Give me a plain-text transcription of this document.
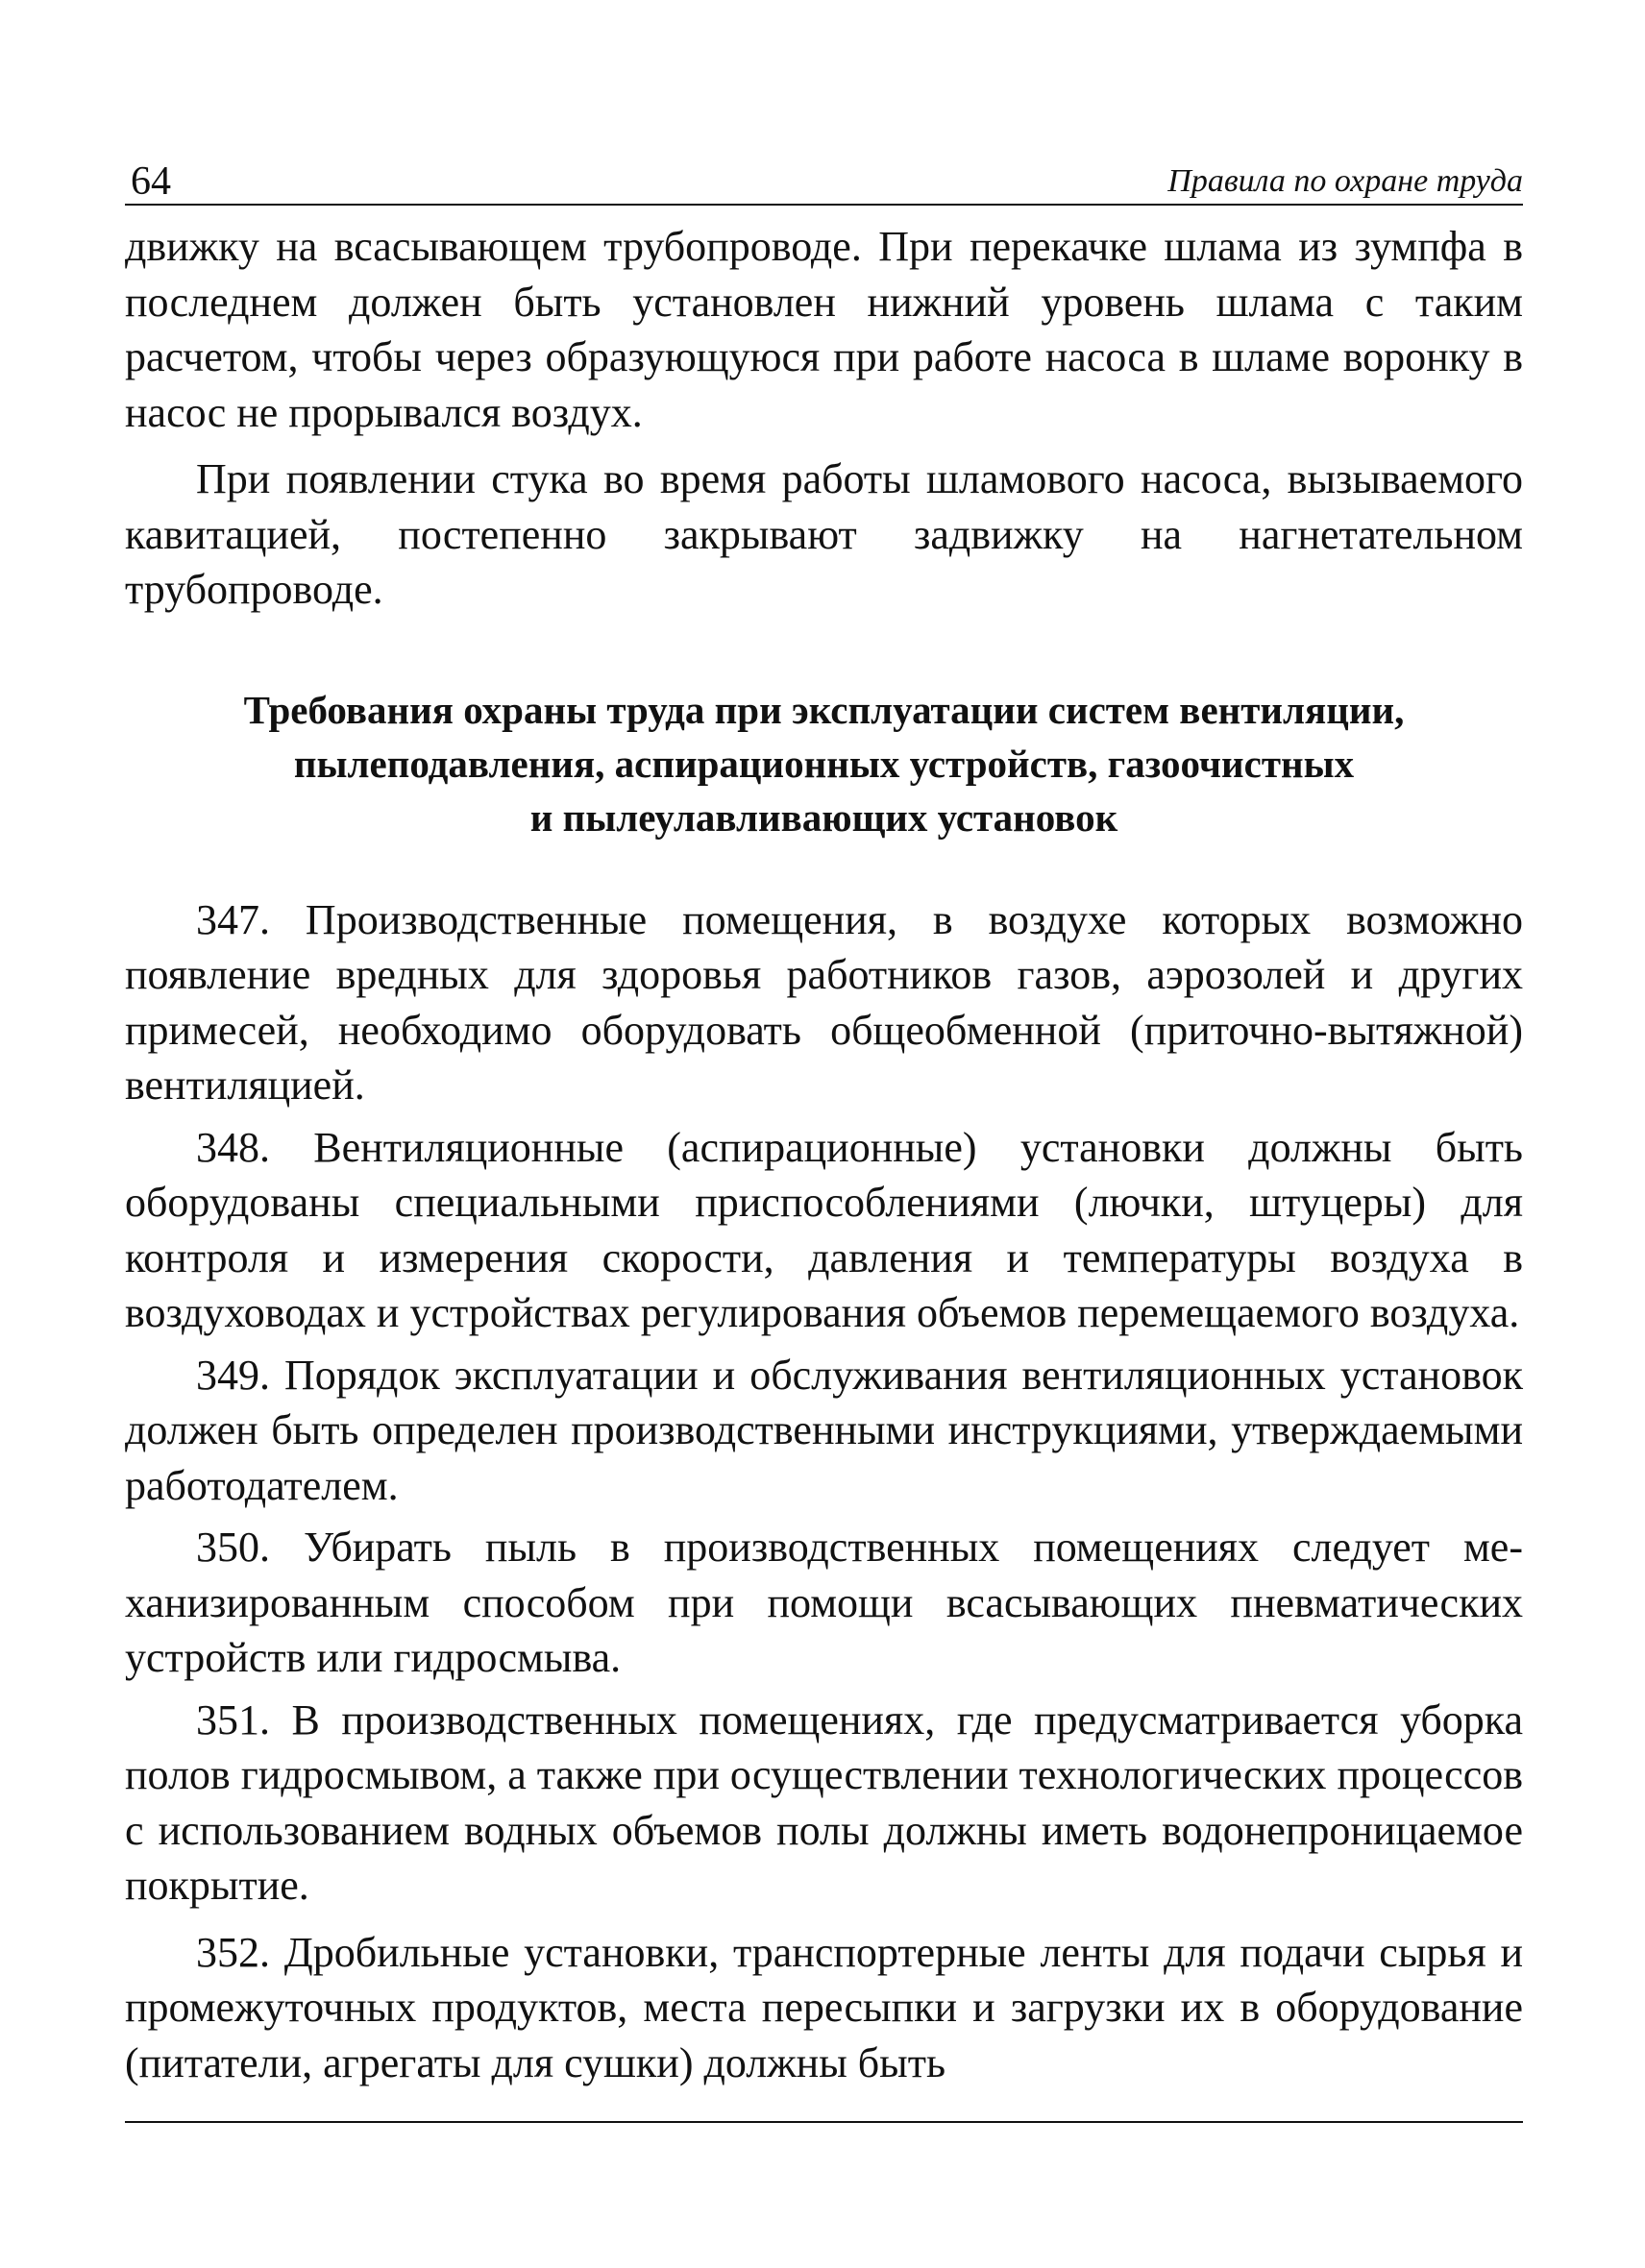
64	Правила по охране труда

движку на всасывающем трубопроводе. При перекачке шлама из зумпфа в последнем должен быть установлен нижний уровень шлама с таким расчетом, чтобы через образующуюся при работе насоса в шламе воронку в насос не прорывался воздух.

При появлении стука во время работы шламового насоса, вызываемого кавитацией, постепенно закрывают задвижку на нагнетательном трубопроводе.

Требования охраны труда при эксплуатации систем вентиляции,
пылеподавления, аспирационных устройств, газоочистных
и пылеулавливающих установок

347. Производственные помещения, в воздухе которых возможно появление вредных для здоровья работников газов, аэрозолей и других примесей, необходимо оборудовать общеобменной (приточно-вытяжной) вентиляцией.

348. Вентиляционные (аспирационные) установки должны быть оборудованы специальными приспособлениями (лючки, штуцеры) для контроля и измерения скорости, давления и температуры воздуха в воздуховодах и устройствах регулирования объемов перемещаемого воздуха.

349. Порядок эксплуатации и обслуживания вентиляционных установок должен быть определен производственными инструкциями, утверждаемыми работодателем.

350. Убирать пыль в производственных помещениях следует механизированным способом при помощи всасывающих пневматических устройств или гидросмыва.

351. В производственных помещениях, где предусматривается уборка полов гидросмывом, а также при осуществлении технологических процессов с использованием водных объемов полы должны иметь водонепроницаемое покрытие.

352. Дробильные установки, транспортерные ленты для подачи сырья и промежуточных продуктов, места пересыпки и загрузки их в оборудование (питатели, агрегаты для сушки) должны быть
